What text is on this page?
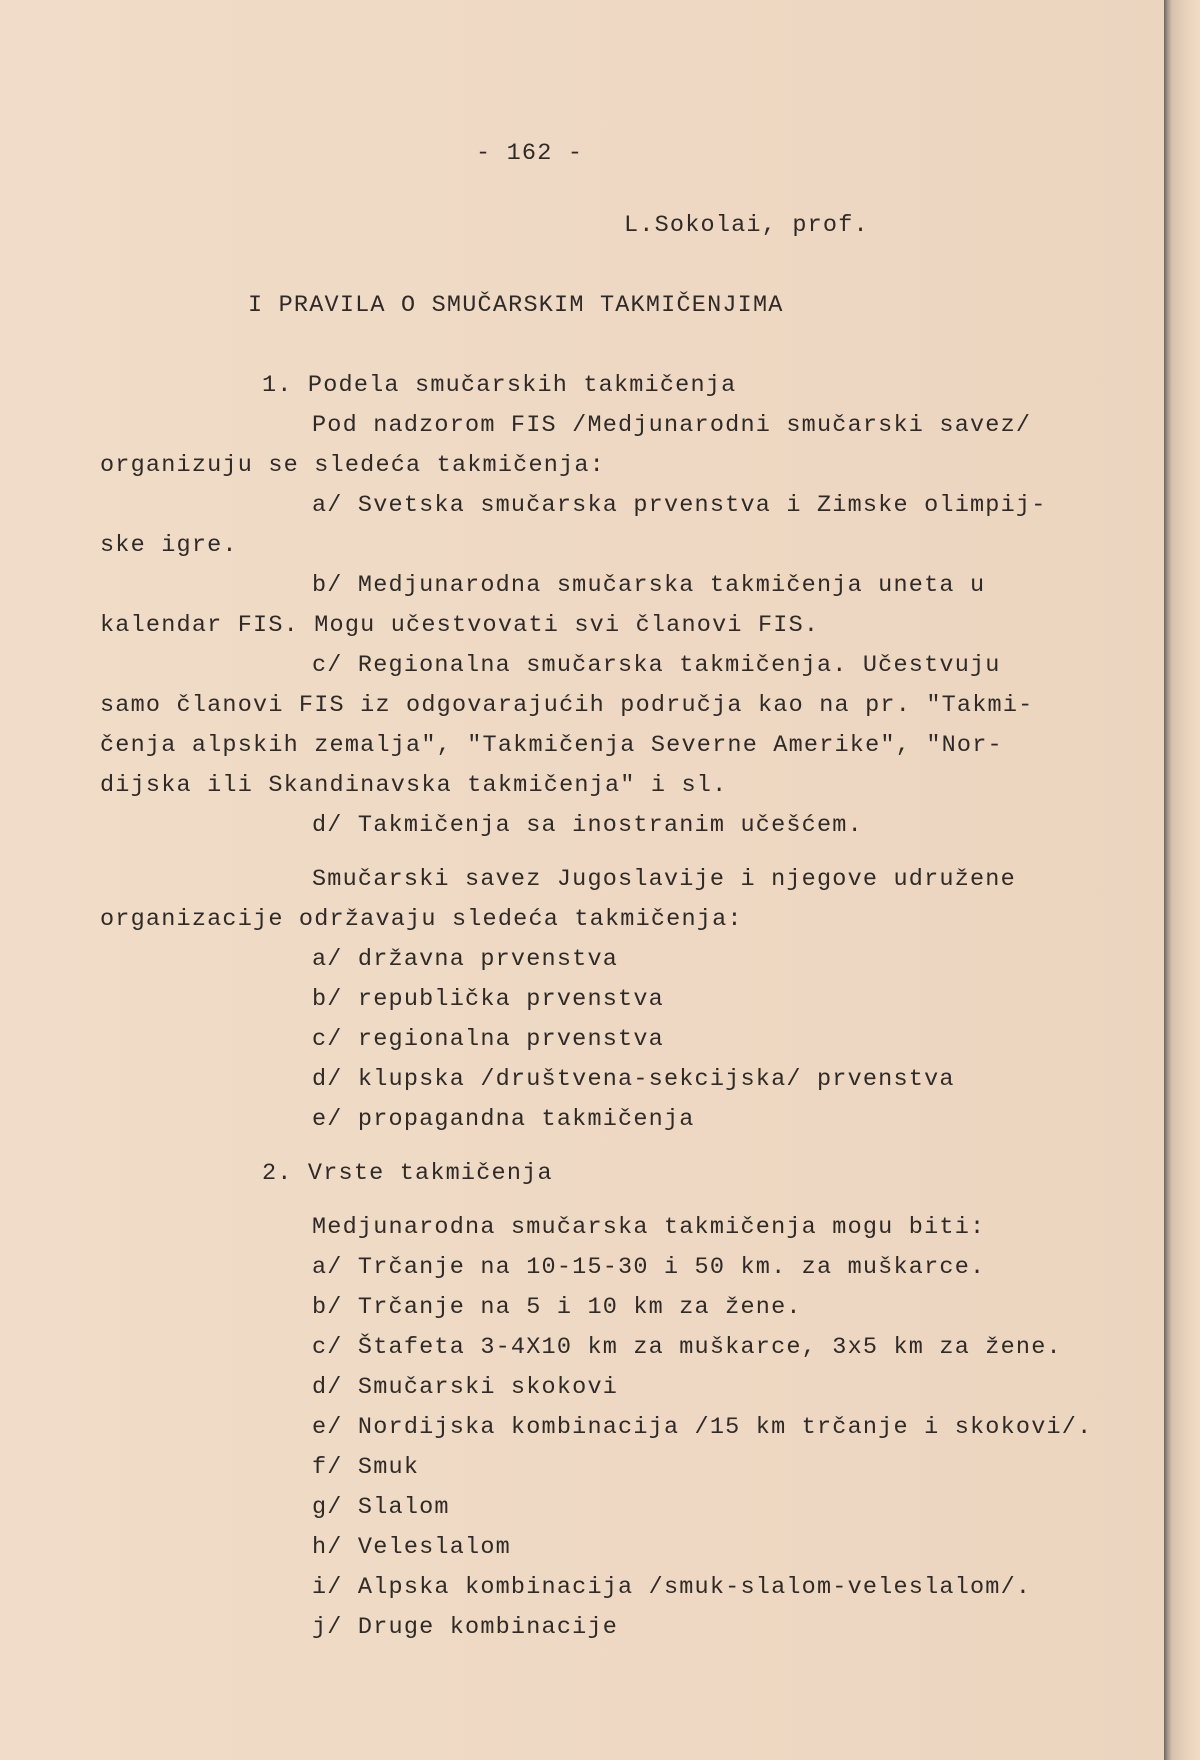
- 162 -
L.Sokolai, prof.
I PRAVILA O SMUČARSKIM TAKMIČENJIMA
1. Podela smučarskih takmičenja
Pod nadzorom FIS /Medjunarodni smučarski savez/
organizuju se sledeća takmičenja:
a/ Svetska smučarska prvenstva i Zimske olimpij-
ske igre.
b/ Medjunarodna smučarska takmičenja uneta u
kalendar FIS. Mogu učestvovati svi članovi FIS.
c/ Regionalna smučarska takmičenja. Učestvuju
samo članovi FIS iz odgovarajućih područja kao na pr. "Takmi-
čenja alpskih zemalja", "Takmičenja Severne Amerike", "Nor-
dijska ili Skandinavska takmičenja" i sl.
d/ Takmičenja sa inostranim učešćem.
Smučarski savez Jugoslavije i njegove udružene
organizacije održavaju sledeća takmičenja:
a/ državna prvenstva
b/ republička prvenstva
c/ regionalna prvenstva
d/ klupska /društvena-sekcijska/ prvenstva
e/ propagandna takmičenja
2. Vrste takmičenja
Medjunarodna smučarska takmičenja mogu biti:
a/ Trčanje na 10-15-30 i 50 km. za muškarce.
b/ Trčanje na 5 i 10 km za žene.
c/ Štafeta 3-4X10 km za muškarce, 3x5 km za žene.
d/ Smučarski skokovi
e/ Nordijska kombinacija /15 km trčanje i skokovi/.
f/ Smuk
g/ Slalom
h/ Veleslalom
i/ Alpska kombinacija /smuk-slalom-veleslalom/.
j/ Druge kombinacije
